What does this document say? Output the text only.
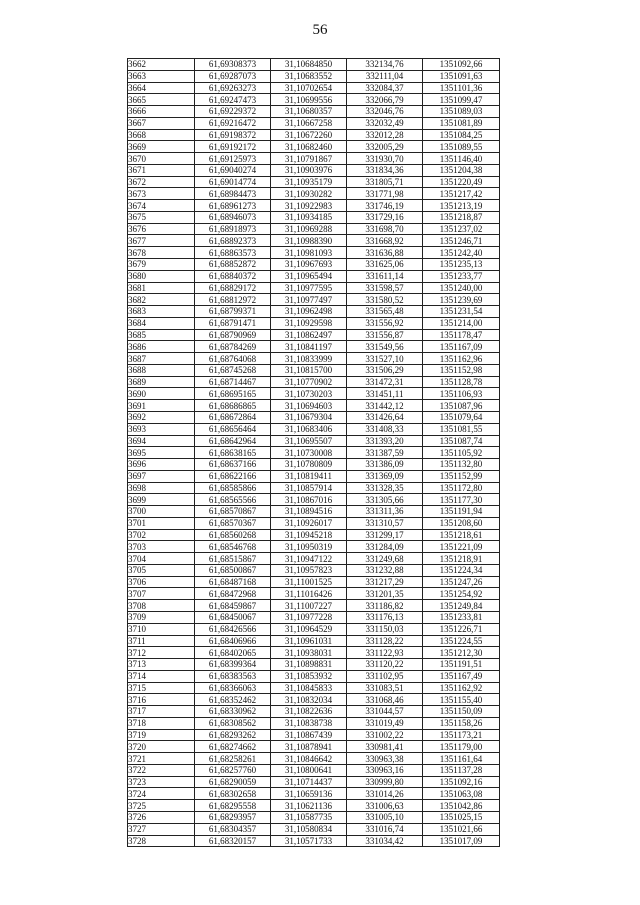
56
3662	61,69308373	31,10684850	332134,76	1351092,66
3663	61,69287073	31,10683552	332111,04	1351091,63
3664	61,69263273	31,10702654	332084,37	1351101,36
3665	61,69247473	31,10699556	332066,79	1351099,47
3666	61,69229372	31,10680357	332046,76	1351089,03
3667	61,69216472	31,10667258	332032,49	1351081,89
3668	61,69198372	31,10672260	332012,28	1351084,25
3669	61,69192172	31,10682460	332005,29	1351089,55
3670	61,69125973	31,10791867	331930,70	1351146,40
3671	61,69040274	31,10903976	331834,36	1351204,38
3672	61,69014774	31,10935179	331805,71	1351220,49
3673	61,68984473	31,10930282	331771,98	1351217,42
3674	61,68961273	31,10922983	331746,19	1351213,19
3675	61,68946073	31,10934185	331729,16	1351218,87
3676	61,68918973	31,10969288	331698,70	1351237,02
3677	61,68892373	31,10988390	331668,92	1351246,71
3678	61,68863573	31,10981093	331636,88	1351242,40
3679	61,68852872	31,10967693	331625,06	1351235,13
3680	61,68840372	31,10965494	331611,14	1351233,77
3681	61,68829172	31,10977595	331598,57	1351240,00
3682	61,68812972	31,10977497	331580,52	1351239,69
3683	61,68799371	31,10962498	331565,48	1351231,54
3684	61,68791471	31,10929598	331556,92	1351214,00
3685	61,68790969	31,10862497	331556,87	1351178,47
3686	61,68784269	31,10841197	331549,56	1351167,09
3687	61,68764068	31,10833999	331527,10	1351162,96
3688	61,68745268	31,10815700	331506,29	1351152,98
3689	61,68714467	31,10770902	331472,31	1351128,78
3690	61,68695165	31,10730203	331451,11	1351106,93
3691	61,68686865	31,10694603	331442,12	1351087,96
3692	61,68672864	31,10679304	331426,64	1351079,64
3693	61,68656464	31,10683406	331408,33	1351081,55
3694	61,68642964	31,10695507	331393,20	1351087,74
3695	61,68638165	31,10730008	331387,59	1351105,92
3696	61,68637166	31,10780809	331386,09	1351132,80
3697	61,68622166	31,10819411	331369,09	1351152,99
3698	61,68585866	31,10857914	331328,35	1351172,80
3699	61,68565566	31,10867016	331305,66	1351177,30
3700	61,68570867	31,10894516	331311,36	1351191,94
3701	61,68570367	31,10926017	331310,57	1351208,60
3702	61,68560268	31,10945218	331299,17	1351218,61
3703	61,68546768	31,10950319	331284,09	1351221,09
3704	61,68515867	31,10947122	331249,68	1351218,91
3705	61,68500867	31,10957823	331232,88	1351224,34
3706	61,68487168	31,11001525	331217,29	1351247,26
3707	61,68472968	31,11016426	331201,35	1351254,92
3708	61,68459867	31,11007227	331186,82	1351249,84
3709	61,68450067	31,10977228	331176,13	1351233,81
3710	61,68426566	31,10964529	331150,03	1351226,71
3711	61,68406966	31,10961031	331128,22	1351224,55
3712	61,68402065	31,10938031	331122,93	1351212,30
3713	61,68399364	31,10898831	331120,22	1351191,51
3714	61,68383563	31,10853932	331102,95	1351167,49
3715	61,68366063	31,10845833	331083,51	1351162,92
3716	61,68352462	31,10832034	331068,46	1351155,40
3717	61,68330962	31,10822636	331044,57	1351150,09
3718	61,68308562	31,10838738	331019,49	1351158,26
3719	61,68293262	31,10867439	331002,22	1351173,21
3720	61,68274662	31,10878941	330981,41	1351179,00
3721	61,68258261	31,10846642	330963,38	1351161,64
3722	61,68257760	31,10800641	330963,16	1351137,28
3723	61,68290059	31,10714437	330999,80	1351092,16
3724	61,68302658	31,10659136	331014,26	1351063,08
3725	61,68295558	31,10621136	331006,63	1351042,86
3726	61,68293957	31,10587735	331005,10	1351025,15
3727	61,68304357	31,10580834	331016,74	1351021,66
3728	61,68320157	31,10571733	331034,42	1351017,09
